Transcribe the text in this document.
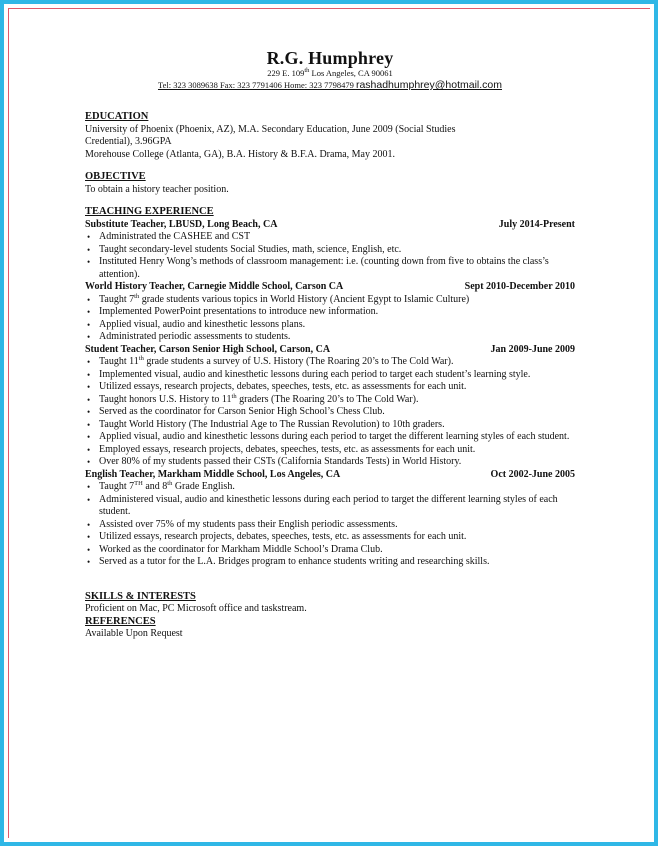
R.G. Humphrey
229 E. 109th Los Angeles, CA 90061
Tel: 323 3089638 Fax: 323 7791406 Home: 323 7798479 rashadhumphrey@hotmail.com
EDUCATION
University of Phoenix (Phoenix, AZ), M.A. Secondary Education, June 2009 (Social Studies
Credential), 3.96GPA
Morehouse College (Atlanta, GA), B.A. History & B.F.A. Drama, May 2001.
OBJECTIVE
To obtain a history teacher position.
TEACHING EXPERIENCE
Substitute Teacher, LBUSD, Long Beach, CA	July 2014-Present
• Administrated the CASHEE and CST
• Taught secondary-level students Social Studies, math, science, English, etc.
• Instituted Henry Wong’s methods of classroom management: i.e. (counting down from five to obtains the class’s attention).
World History Teacher, Carnegie Middle School, Carson CA	Sept 2010-December 2010
• Taught 7th grade students various topics in World History (Ancient Egypt to Islamic Culture)
• Implemented PowerPoint presentations to introduce new information.
• Applied visual, audio and kinesthetic lessons plans.
• Administrated periodic assessments to students.
Student Teacher, Carson Senior High School, Carson, CA	Jan 2009-June 2009
• Taught 11th grade students a survey of U.S. History (The Roaring 20’s to The Cold War).
• Implemented visual, audio and kinesthetic lessons during each period to target each student’s learning style.
• Utilized essays, research projects, debates, speeches, tests, etc. as assessments for each unit.
• Taught honors U.S. History to 11th graders (The Roaring 20’s to The Cold War).
• Served as the coordinator for Carson Senior High School’s Chess Club.
• Taught World History (The Industrial Age to The Russian Revolution) to 10th graders.
• Applied visual, audio and kinesthetic lessons during each period to target the different learning styles of each student.
• Employed essays, research projects, debates, speeches, tests, etc. as assessments for each unit.
• Over 80% of my students passed their CSTs (California Standards Tests) in World History.
English Teacher, Markham Middle School, Los Angeles, CA	Oct 2002-June 2005
• Taught 7TH and 8th Grade English.
• Administered visual, audio and kinesthetic lessons during each period to target the different learning styles of each student.
• Assisted over 75% of my students pass their English periodic assessments.
• Utilized essays, research projects, debates, speeches, tests, etc. as assessments for each unit.
• Worked as the coordinator for Markham Middle School’s Drama Club.
• Served as a tutor for the L.A. Bridges program to enhance students writing and researching skills.
SKILLS & INTERESTS
Proficient on Mac, PC Microsoft office and taskstream.
REFERENCES
Available Upon Request
